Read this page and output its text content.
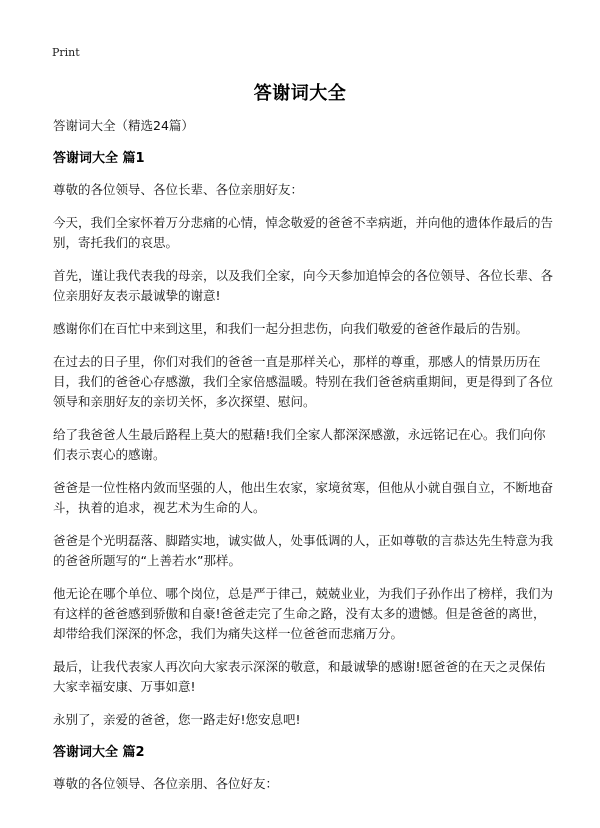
Print
答谢词大全

答谢词大全（精选24篇）

答谢词大全 篇1

尊敬的各位领导、各位长辈、各位亲朋好友：

今天，我们全家怀着万分悲痛的心情，悼念敬爱的爸爸不幸病逝，并向他的遗体作最后的告别，寄托我们的哀思。

首先，谨让我代表我的母亲，以及我们全家，向今天参加追悼会的各位领导、各位长辈、各位亲朋好友表示最诚挚的谢意!

感谢你们在百忙中来到这里，和我们一起分担悲伤，向我们敬爱的爸爸作最后的告别。

在过去的日子里，你们对我们的爸爸一直是那样关心，那样的尊重，那感人的情景历历在目，我们的爸爸心存感激，我们全家倍感温暖。特别在我们爸爸病重期间，更是得到了各位领导和亲朋好友的亲切关怀，多次探望、慰问。

给了我爸爸人生最后路程上莫大的慰藉!我们全家人都深深感激，永远铭记在心。我们向你们表示衷心的感谢。

爸爸是一位性格内敛而坚强的人，他出生农家，家境贫寒，但他从小就自强自立，不断地奋斗，执着的追求，视艺术为生命的人。

爸爸是个光明磊落、脚踏实地，诚实做人，处事低调的人，正如尊敬的言恭达先生特意为我的爸爸所题写的“上善若水”那样。

他无论在哪个单位、哪个岗位，总是严于律己，兢兢业业，为我们子孙作出了榜样，我们为有这样的爸爸感到骄傲和自豪!爸爸走完了生命之路，没有太多的遗憾。但是爸爸的离世，却带给我们深深的怀念，我们为痛失这样一位爸爸而悲痛万分。

最后，让我代表家人再次向大家表示深深的敬意，和最诚挚的感谢!愿爸爸的在天之灵保佑大家幸福安康、万事如意!

永别了，亲爱的爸爸，您一路走好!您安息吧!

答谢词大全 篇2

尊敬的各位领导、各位亲朋、各位好友：
